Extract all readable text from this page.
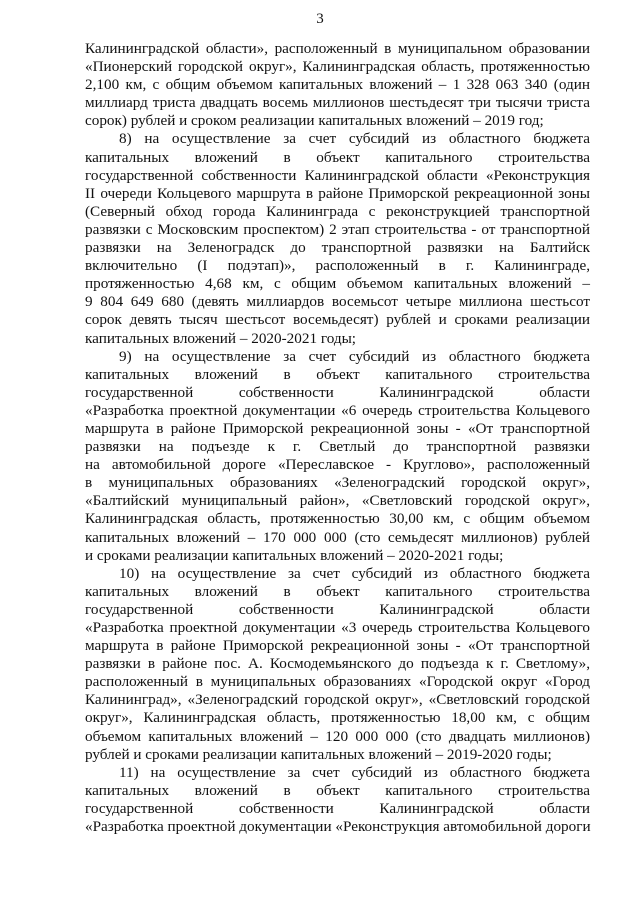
3
Калининградской области», расположенный в муниципальном образовании
«Пионерский городской округ», Калининградская область, протяженностью
2,100 км, с общим объемом капитальных вложений – 1 328 063 340 (один
миллиард триста двадцать восемь миллионов шестьдесят три тысячи триста
сорок) рублей и сроком реализации капитальных вложений – 2019 год;
8) на осуществление за счет субсидий из областного бюджета
капитальных вложений в объект капитального строительства
государственной собственности Калининградской области «Реконструкция
II очереди Кольцевого маршрута в районе Приморской рекреационной зоны
(Северный обход города Калининграда с реконструкцией транспортной
развязки с Московским проспектом) 2 этап строительства - от транспортной
развязки на Зеленоградск до транспортной развязки на Балтийск
включительно (I подэтап)», расположенный в г. Калининграде,
протяженностью 4,68 км, с общим объемом капитальных вложений –
9 804 649 680 (девять миллиардов восемьсот четыре миллиона шестьсот
сорок девять тысяч шестьсот восемьдесят) рублей и сроками реализации
капитальных вложений – 2020-2021 годы;
9) на осуществление за счет субсидий из областного бюджета
капитальных вложений в объект капитального строительства
государственной собственности Калининградской области
«Разработка проектной документации «6 очередь строительства Кольцевого
маршрута в районе Приморской рекреационной зоны - «От транспортной
развязки на подъезде к г. Светлый до транспортной развязки
на автомобильной дороге «Переславское - Круглово», расположенный
в муниципальных образованиях «Зеленоградский городской округ»,
«Балтийский муниципальный район», «Светловский городской округ»,
Калининградская область, протяженностью 30,00 км, с общим объемом
капитальных вложений – 170 000 000 (сто семьдесят миллионов) рублей
и сроками реализации капитальных вложений – 2020-2021 годы;
10) на осуществление за счет субсидий из областного бюджета
капитальных вложений в объект капитального строительства
государственной собственности Калининградской области
«Разработка проектной документации «3 очередь строительства Кольцевого
маршрута в районе Приморской рекреационной зоны - «От транспортной
развязки в районе пос. А. Космодемьянского до подъезда к г. Светлому»,
расположенный в муниципальных образованиях «Городской округ «Город
Калининград», «Зеленоградский городской округ», «Светловский городской
округ», Калининградская область, протяженностью 18,00 км, с общим
объемом капитальных вложений – 120 000 000 (сто двадцать миллионов)
рублей и сроками реализации капитальных вложений – 2019-2020 годы;
11) на осуществление за счет субсидий из областного бюджета
капитальных вложений в объект капитального строительства
государственной собственности Калининградской области
«Разработка проектной документации «Реконструкция автомобильной дороги
